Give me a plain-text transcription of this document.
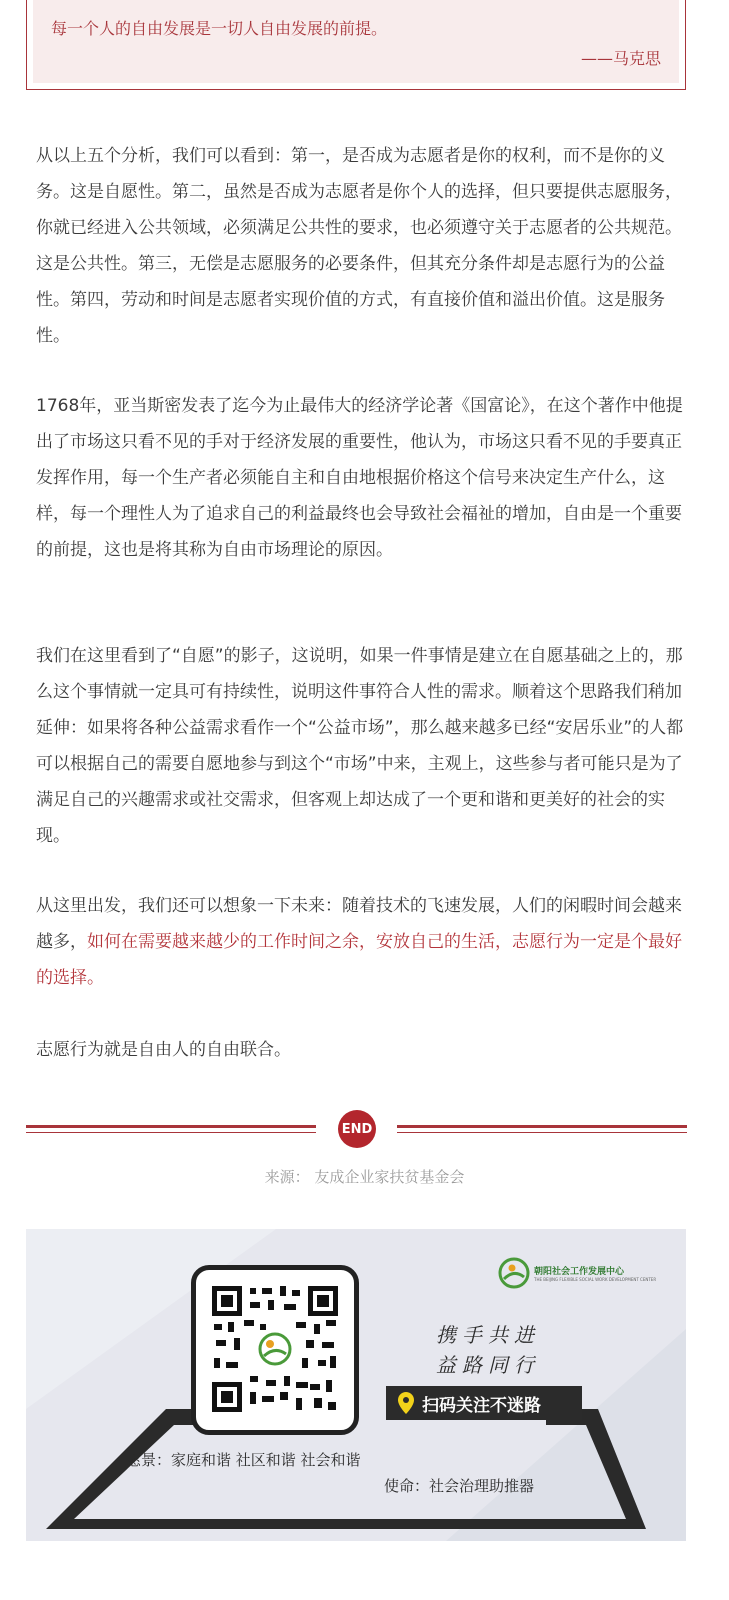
每一个人的自由发展是一切人自由发展的前提。
——马克思

从以上五个分析，我们可以看到：第一，是否成为志愿者是你的权利，而不是你的义务。这是自愿性。第二，虽然是否成为志愿者是你个人的选择，但只要提供志愿服务，你就已经进入公共领域，必须满足公共性的要求，也必须遵守关于志愿者的公共规范。这是公共性。第三，无偿是志愿服务的必要条件，但其充分条件却是志愿行为的公益性。第四，劳动和时间是志愿者实现价值的方式，有直接价值和溢出价值。这是服务性。

1768年，亚当斯密发表了迄今为止最伟大的经济学论著《国富论》，在这个著作中他提出了市场这只看不见的手对于经济发展的重要性，他认为，市场这只看不见的手要真正发挥作用，每一个生产者必须能自主和自由地根据价格这个信号来决定生产什么，这样，每一个理性人为了追求自己的利益最终也会导致社会福祉的增加，自由是一个重要的前提，这也是将其称为自由市场理论的原因。

我们在这里看到了“自愿”的影子，这说明，如果一件事情是建立在自愿基础之上的，那么这个事情就一定具可有持续性，说明这件事符合人性的需求。顺着这个思路我们稍加延伸：如果将各种公益需求看作一个“公益市场”，那么越来越多已经“安居乐业”的人都可以根据自己的需要自愿地参与到这个“市场”中来，主观上，这些参与者可能只是为了满足自己的兴趣需求或社交需求，但客观上却达成了一个更和谐和更美好的社会的实现。

从这里出发，我们还可以想象一下未来：随着技术的飞速发展，人们的闲暇时间会越来越多，如何在需要越来越少的工作时间之余，安放自己的生活，志愿行为一定是个最好的选择。

志愿行为就是自由人的自由联合。

END
来源： 友成企业家扶贫基金会
朝阳社会工作发展中心
THE BEIJING FLEXIBLE SOCIAL WORK DEVELOPMENT CENTER
携手共进
益路同行
扫码关注不迷路
愿景：家庭和谐 社区和谐 社会和谐
使命：社会治理助推器
